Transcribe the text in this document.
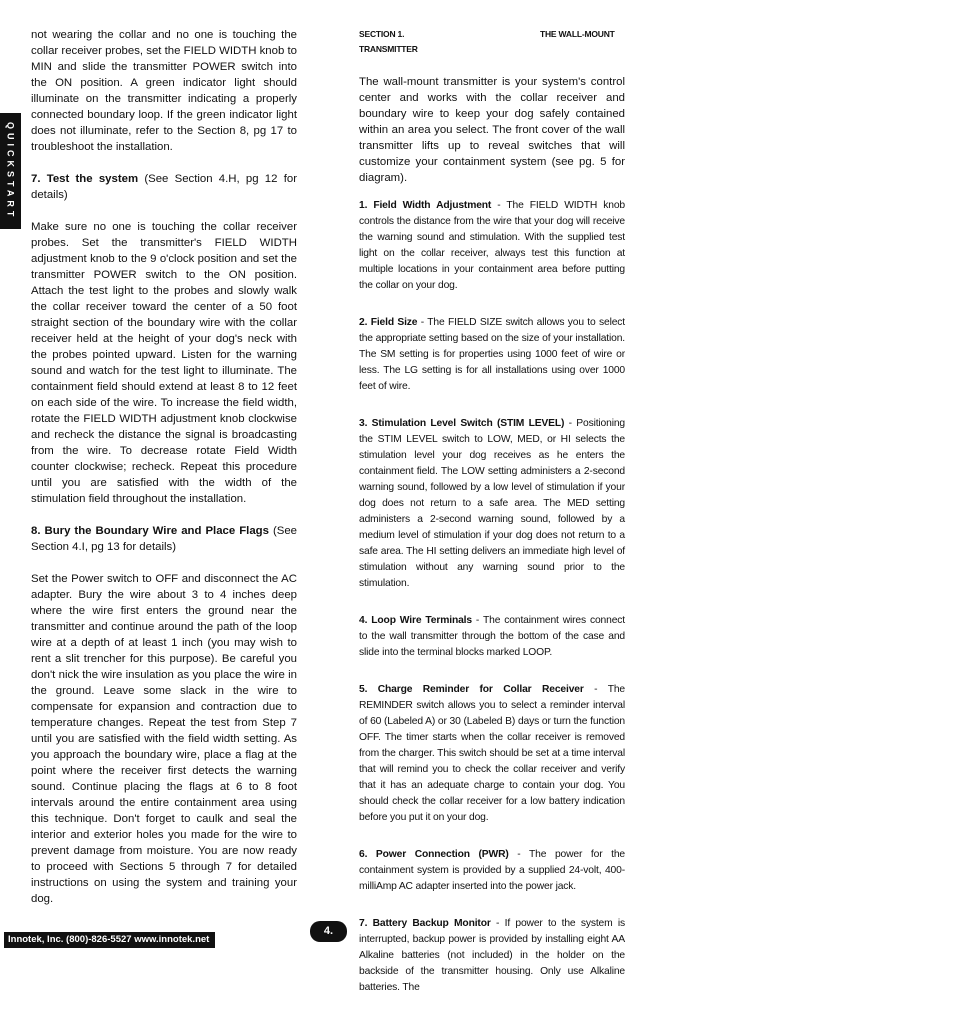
QUICKSTART

not wearing the collar and no one is touching the collar receiver probes, set the FIELD WIDTH knob to MIN and slide the transmitter POWER switch into the ON position. A green indicator light should illuminate on the transmitter indicating a properly connected boundary loop. If the green indicator light does not illuminate, refer to the Section 8, pg 17 to troubleshoot the installation.

7. Test the system (See Section 4.H, pg 12 for details)

Make sure no one is touching the collar receiver probes. Set the transmitter's FIELD WIDTH adjustment knob to the 9 o'clock position and set the transmitter POWER switch to the ON position. Attach the test light to the probes and slowly walk the collar receiver toward the center of a 50 foot straight section of the boundary wire with the collar receiver held at the height of your dog's neck with the probes pointed upward. Listen for the warning sound and watch for the test light to illuminate. The containment field should extend at least 8 to 12 feet on each side of the wire. To increase the field width, rotate the FIELD WIDTH adjustment knob clockwise and recheck the distance the signal is broadcasting from the wire. To decrease rotate Field Width counter clockwise; recheck. Repeat this procedure until you are satisfied with the width of the stimulation field throughout the installation.

8. Bury the Boundary Wire and Place Flags (See Section 4.I, pg 13 for details)

Set the Power switch to OFF and disconnect the AC adapter. Bury the wire about 3 to 4 inches deep where the wire first enters the ground near the transmitter and continue around the path of the loop wire at a depth of at least 1 inch (you may wish to rent a slit trencher for this purpose). Be careful you don't nick the wire insulation as you place the wire in the ground. Leave some slack in the wire to compensate for expansion and contraction due to temperature changes. Repeat the test from Step 7 until you are satisfied with the field width setting. As you approach the boundary wire, place a flag at the point where the receiver first detects the warning sound. Continue placing the flags at 6 to 8 foot intervals around the entire containment area using this technique. Don't forget to caulk and seal the interior and exterior holes you made for the wire to prevent damage from moisture. You are now ready to proceed with Sections 5 through 7 for detailed instructions on using the system and training your dog.

SECTION 1.
TRANSMITTER
THE WALL-MOUNT

The wall-mount transmitter is your system's control center and works with the collar receiver and boundary wire to keep your dog safely contained within an area you select. The front cover of the wall transmitter lifts up to reveal switches that will customize your containment system (see pg. 5 for diagram).

1. Field Width Adjustment - The FIELD WIDTH knob controls the distance from the wire that your dog will receive the warning sound and stimulation. With the supplied test light on the collar receiver, always test this function at multiple locations in your containment area before putting the collar on your dog.

2. Field Size - The FIELD SIZE switch allows you to select the appropriate setting based on the size of your installation. The SM setting is for properties using 1000 feet of wire or less. The LG setting is for all installations using over 1000 feet of wire.

3. Stimulation Level Switch (STIM LEVEL) - Positioning the STIM LEVEL switch to LOW, MED, or HI selects the stimulation level your dog receives as he enters the containment field. The LOW setting administers a 2-second warning sound, followed by a low level of stimulation if your dog does not return to a safe area. The MED setting administers a 2-second warning sound, followed by a medium level of stimulation if your dog does not return to a safe area. The HI setting delivers an immediate high level of stimulation without any warning sound prior to the stimulation.

4. Loop Wire Terminals - The containment wires connect to the wall transmitter through the bottom of the case and slide into the terminal blocks marked LOOP.

5. Charge Reminder for Collar Receiver - The REMINDER switch allows you to select a reminder interval of 60 (Labeled A) or 30 (Labeled B) days or turn the function OFF. The timer starts when the collar receiver is removed from the charger. This switch should be set at a time interval that will remind you to check the collar receiver and verify that it has an adequate charge to contain your dog. You should check the collar receiver for a low battery indication before you put it on your dog.

6. Power Connection (PWR) - The power for the containment system is provided by a supplied 24-volt, 400-milliAmp AC adapter inserted into the power jack.

7. Battery Backup Monitor - If power to the system is interrupted, backup power is provided by installing eight AA Alkaline batteries (not included) in the holder on the backside of the transmitter housing. Only use Alkaline batteries. The

Innotek, Inc. (800)-826-5527 www.innotek.net
4.
